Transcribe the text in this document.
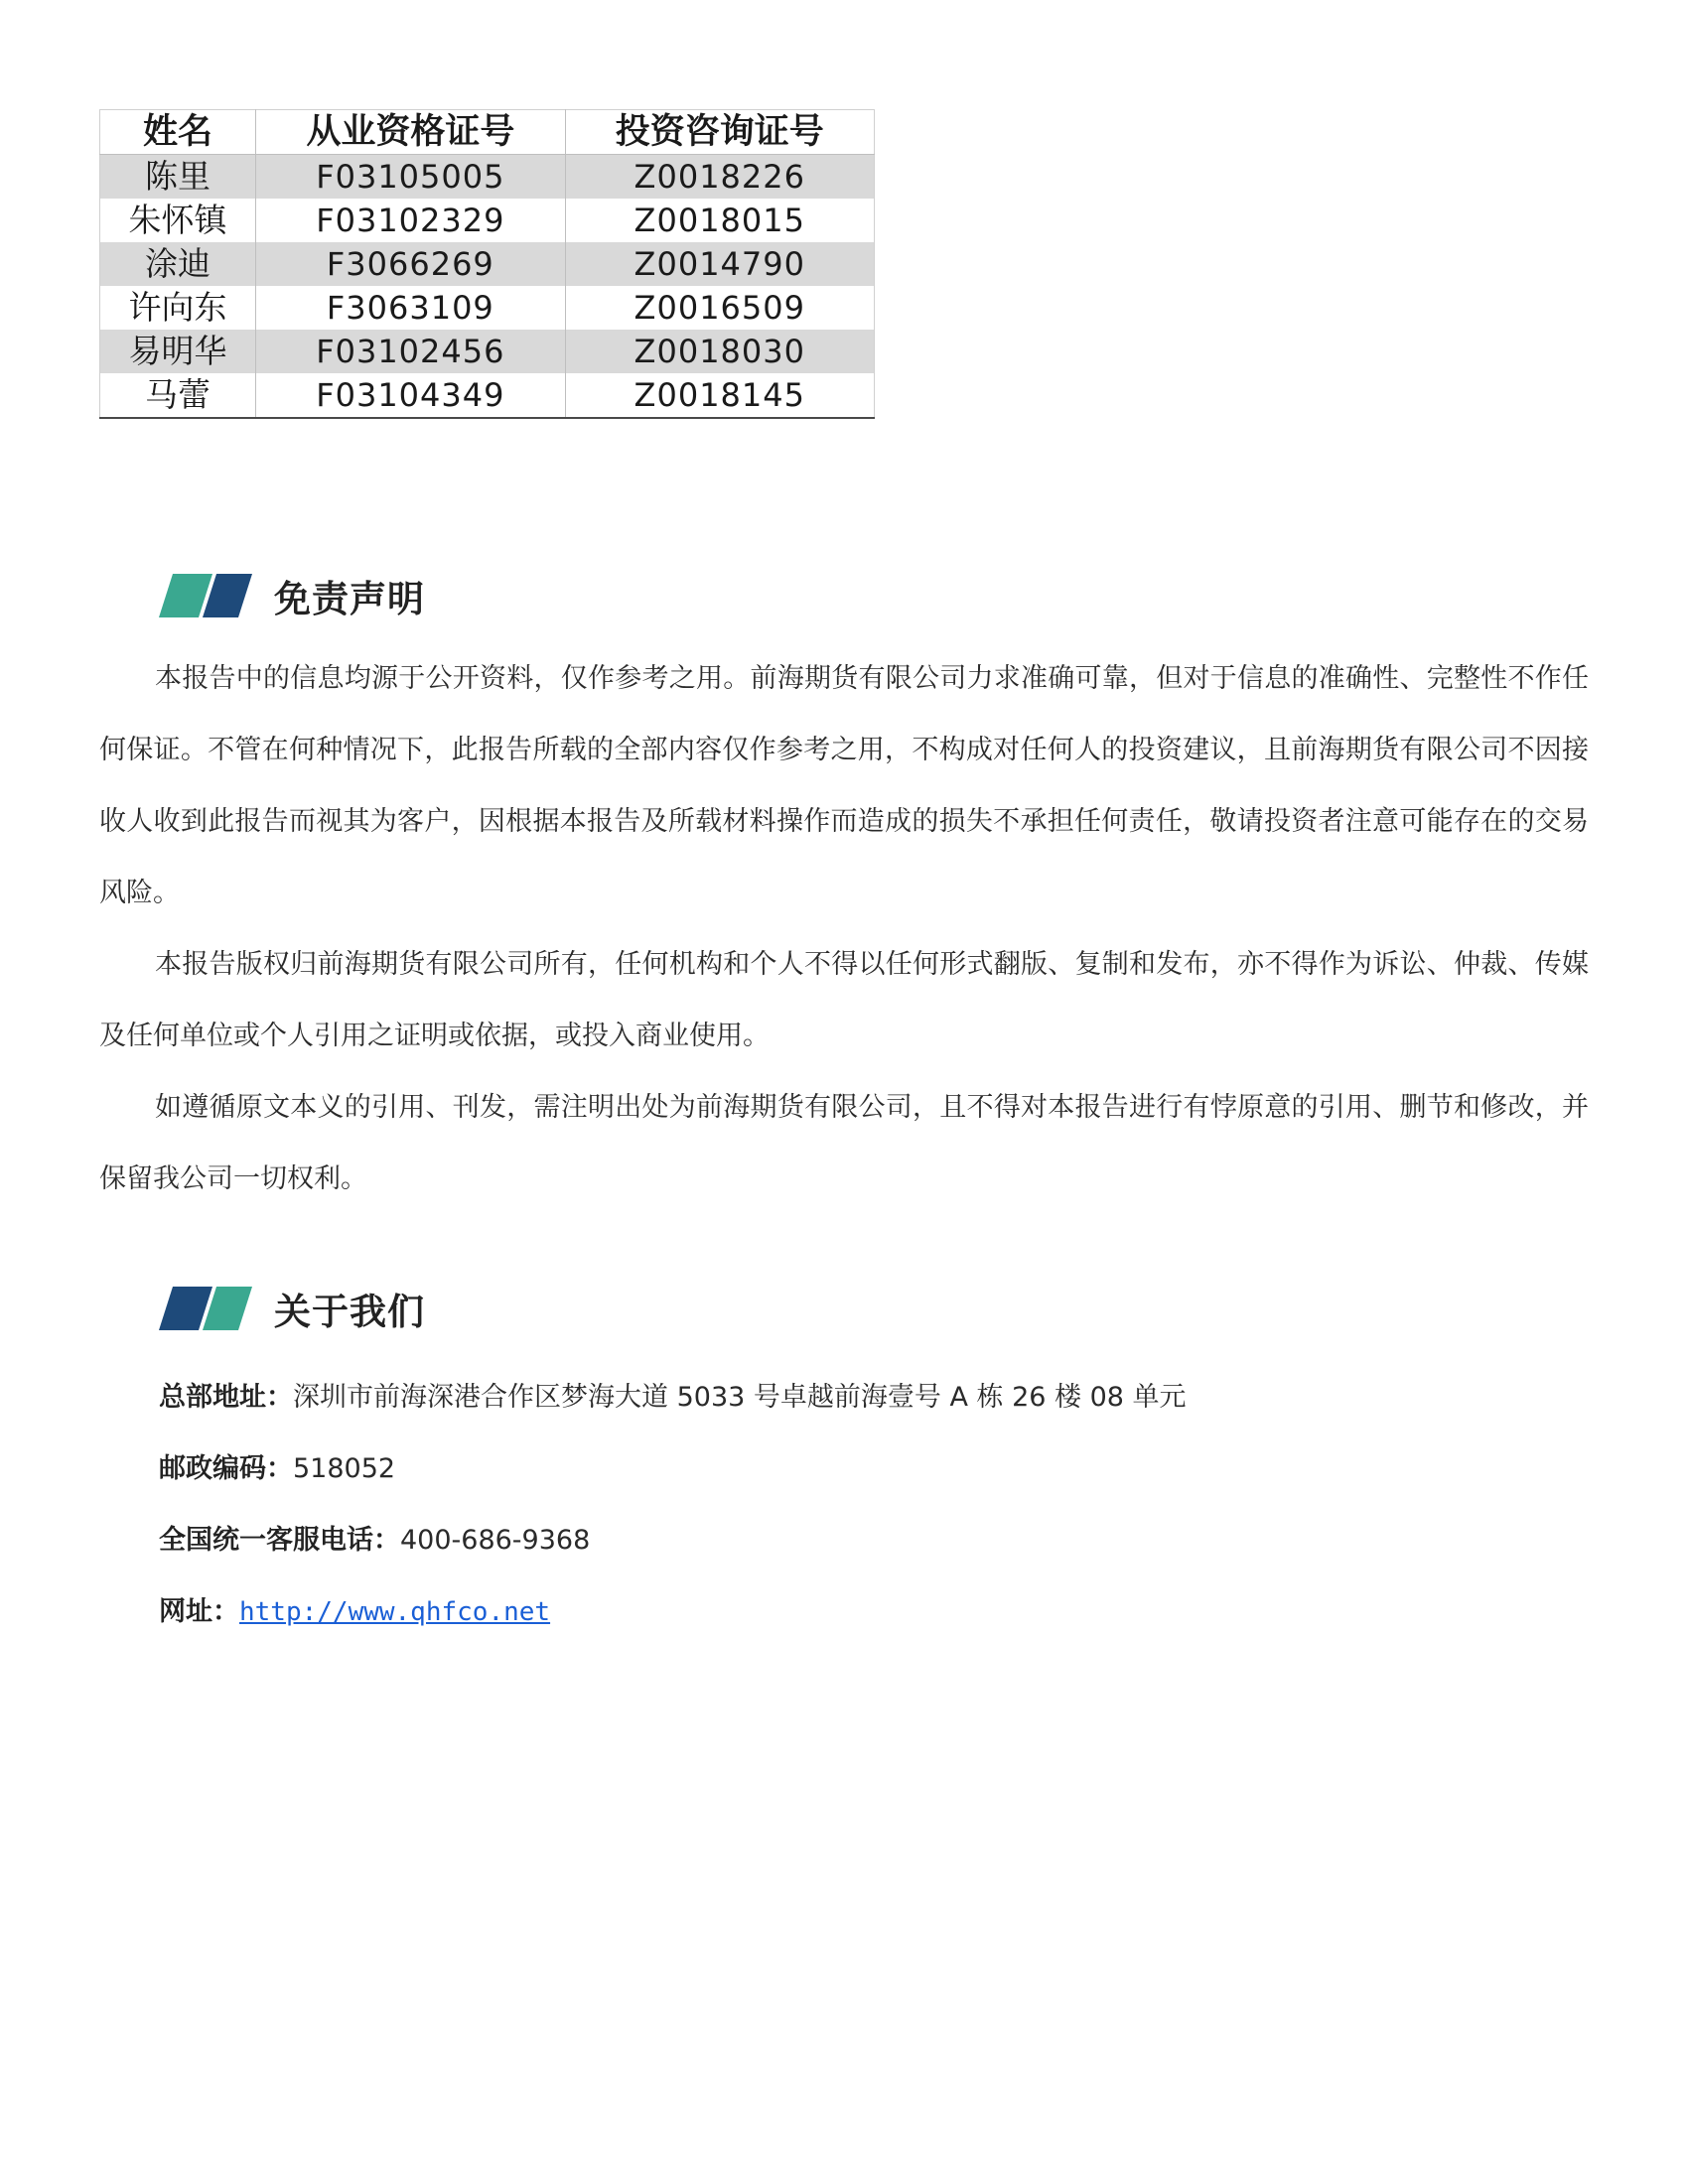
姓名	从业资格证号	投资咨询证号
陈里	F03105005	Z0018226
朱怀镇	F03102329	Z0018015
涂迪	F3066269	Z0014790
许向东	F3063109	Z0016509
易明华	F03102456	Z0018030
马蕾	F03104349	Z0018145
免责声明

本报告中的信息均源于公开资料，仅作参考之用。前海期货有限公司力求准确可靠，但对于信息的准确性、完整性不作任何保证。不管在何种情况下，此报告所载的全部内容仅作参考之用，不构成对任何人的投资建议，且前海期货有限公司不因接收人收到此报告而视其为客户，因根据本报告及所载材料操作而造成的损失不承担任何责任，敬请投资者注意可能存在的交易风险。

本报告版权归前海期货有限公司所有，任何机构和个人不得以任何形式翻版、复制和发布，亦不得作为诉讼、仲裁、传媒及任何单位或个人引用之证明或依据，或投入商业使用。

如遵循原文本义的引用、刊发，需注明出处为前海期货有限公司，且不得对本报告进行有悖原意的引用、删节和修改，并保留我公司一切权利。

关于我们
总部地址：深圳市前海深港合作区梦海大道 5033 号卓越前海壹号 A 栋 26 楼 08 单元
邮政编码：518052
全国统一客服电话：400-686-9368
网址：http://www.qhfco.net
